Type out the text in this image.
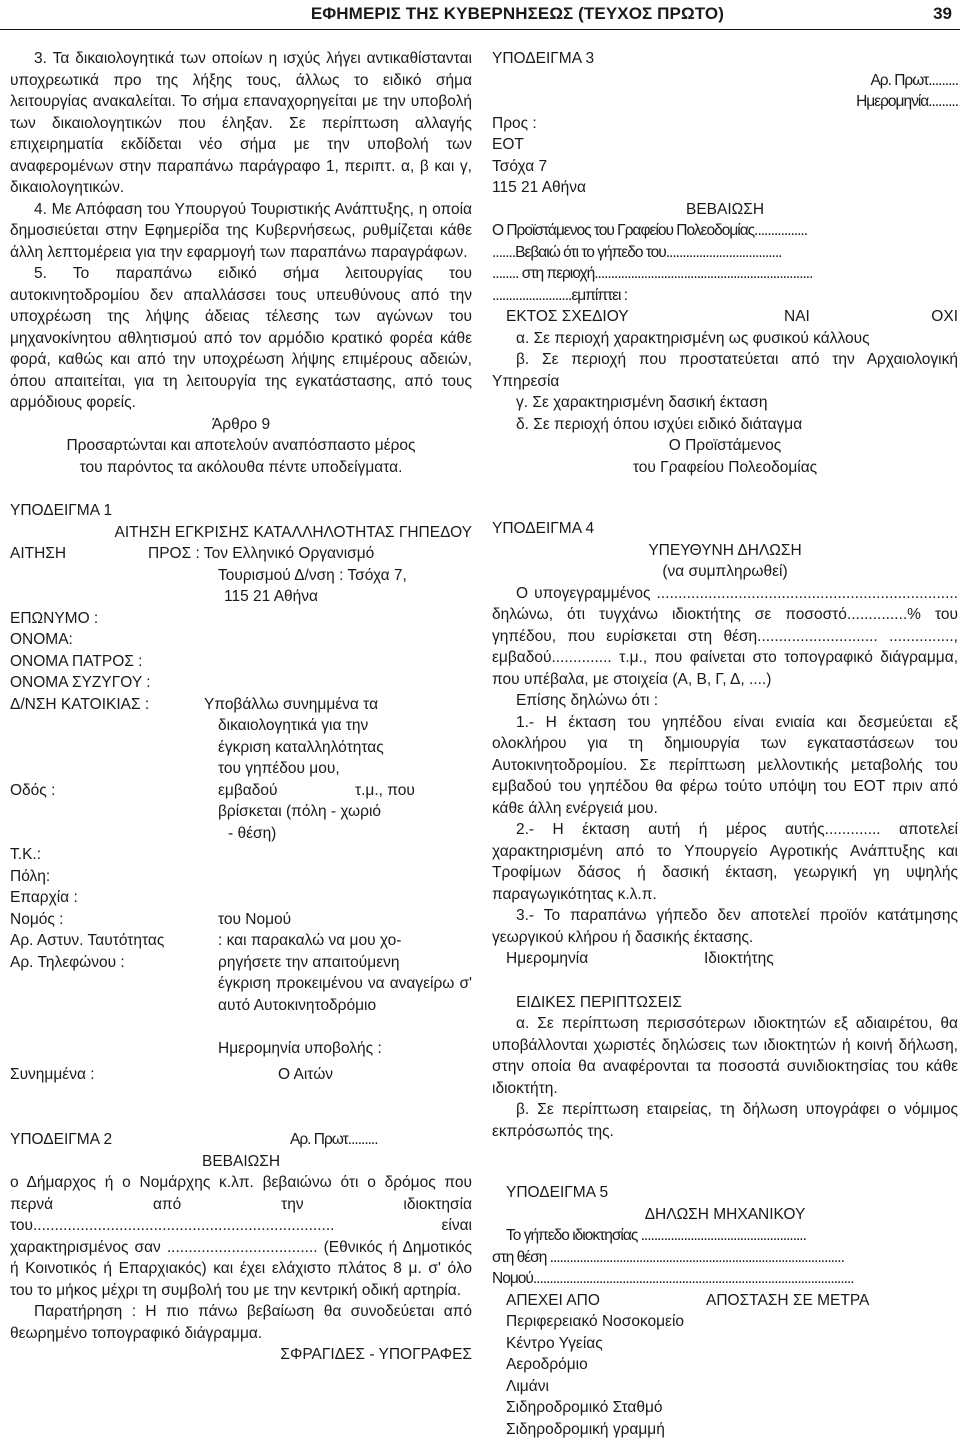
ΕΦΗΜΕΡΙΣ ΤΗΣ ΚΥΒΕΡΝΗΣΕΩΣ (ΤΕΥΧΟΣ ΠΡΩΤΟ)	39

3. Τα δικαιολογητικά των οποίων η ισχύς λήγει αντικαθίστανται υποχρεωτικά προ της λήξης τους, άλλως το ειδικό σήμα λειτουργίας ανακαλείται. Το σήμα επαναχορηγείται με την υποβολή των δικαιολογητικών που έληξαν. Σε περίπτωση αλλαγής επιχειρηματία εκδίδεται νέο σήμα με την υποβολή των αναφερομένων στην παραπάνω παράγραφο 1, περιπτ. α, β και γ, δικαιολογητικών.

4. Με Απόφαση του Υπουργού Τουριστικής Ανάπτυξης, η οποία δημοσιεύεται στην Εφημερίδα της Κυβερνήσεως, ρυθμίζεται κάθε άλλη λεπτομέρεια για την εφαρμογή των παραπάνω παραγράφων.

5. Το παραπάνω ειδικό σήμα λειτουργίας του αυτοκινητοδρομίου δεν απαλλάσσει τους υπευθύνους από την υποχρέωση της λήψης άδειας τέλεσης των αγώνων του μηχανοκίνητου αθλητισμού από τον αρμόδιο κρατικό φορέα κάθε φορά, καθώς και από την υποχρέωση λήψης επιμέρους αδειών, όπου απαιτείται, για τη λειτουργία της εγκατάστασης, από τους αρμόδιους φορείς.

Άρθρο 9

Προσαρτώνται και αποτελούν αναπόσπαστο μέρος

του παρόντος τα ακόλουθα πέντε υποδείγματα.

ΥΠΟΔΕΙΓΜΑ 1

ΑΙΤΗΣΗ ΕΓΚΡΙΣΗΣ ΚΑΤΑΛΛΗΛΟΤΗΤΑΣ ΓΗΠΕΔΟΥ

ΑΙΤΗΣΗ	ΠΡΟΣ : Τον Ελληνικό Οργανισμό
Τουρισμού Δ/νση : Τσόχα 7,
115 21 Αθήνα
ΕΠΩΝΥΜΟ :
ΟΝΟΜΑ:
ΟΝΟΜΑ ΠΑΤΡΟΣ :
ΟΝΟΜΑ ΣΥΖΥΓΟΥ :
Δ/ΝΣΗ ΚΑΤΟΙΚΙΑΣ :	Υποβάλλω συνημμένα τα
δικαιολογητικά για την
έγκριση καταλληλότητας
του γηπέδου μου,
Οδός :	εμβαδού	τ.μ., που
βρίσκεται (πόλη - χωριό
- θέση)
Τ.Κ.:
Πόλη:
Επαρχία :
Νομός :	του Νομού
Αρ. Αστυν. Ταυτότητας	: και παρακαλώ να μου χο-
Αρ. Τηλεφώνου :	ρηγήσετε την απαιτούμενη

έγκριση προκειμένου να αναγείρω σ' αυτό Αυτοκινητοδρόμιο

Ημερομηνία υποβολής :
Συνημμένα :	Ο Αιτών
ΥΠΟΔΕΙΓΜΑ 2	Αρ. Πρωτ.........

ΒΕΒΑΙΩΣΗ

ο Δήμαρχος ή ο Νομάρχης κ.λπ. βεβαιώνω ότι ο δρόμος που περνά από την ιδιοκτησία του...................................................................... είναι χαρακτηρισμένος σαν ................................... (Εθνικός ή Δημοτικός ή Κοινοτικός ή Επαρχιακός) και έχει ελάχιστο πλάτος 8 μ. σ' όλο του το μήκος μέχρι τη συμβολή του με την κεντρική οδική αρτηρία.

Παρατήρηση : Η πιο πάνω βεβαίωση θα συνοδεύεται από θεωρημένο τοπογραφικό διάγραμμα.

ΣΦΡΑΓΙΔΕΣ - ΥΠΟΓΡΑΦΕΣ

ΥΠΟΔΕΙΓΜΑ 3

Αρ. Πρωτ.........

Ημερομηνία.........

Προς :

ΕΟΤ

Τσόχα 7

115 21 Αθήνα

ΒΕΒΑΙΩΣΗ

Ο Προϊστάμενος του Γραφείου Πολεοδομίας................

.......Βεβαιώ ότι το γήπεδο του...................................

........ στη περιοχή..................................................................

........................εμπίπτει :

ΕΚΤΟΣ ΣΧΕΔΙΟΥ	ΝΑΙ	ΟΧΙ

α. Σε περιοχή χαρακτηρισμένη ως φυσικού κάλλους

β. Σε περιοχή που προστατεύεται από την Αρχαιολογική Υπηρεσία

γ. Σε χαρακτηρισμένη δασική έκταση

δ. Σε περιοχή όπου ισχύει ειδικό διάταγμα

Ο Προϊστάμενος

του Γραφείου Πολεοδομίας

ΥΠΟΔΕΙΓΜΑ 4

ΥΠΕΥΘΥΝΗ ΔΗΛΩΣΗ

(να συμπληρωθεί)

Ο υπογεγραμμένος ...................................................................... δηλώνω, ότι τυγχάνω ιδιοκτήτης σε ποσοστό..............% του γηπέδου, που ευρίσκεται στη θέση............................ ..............., εμβαδού.............. τ.μ., που φαίνεται στο τοπογραφικό διάγραμμα, που υπέβαλα, με στοιχεία (Α, Β, Γ, Δ, ....)

Επίσης δηλώνω ότι :

1.- Η έκταση του γηπέδου είναι ενιαία και δεσμεύεται εξ ολοκλήρου για τη δημιουργία των εγκαταστάσεων του Αυτοκινητοδρομίου. Σε περίπτωση μελλοντικής μεταβολής του εμβαδού του γηπέδου θα φέρω τούτο υπόψη του ΕΟΤ πριν από κάθε άλλη ενέργειά μου.

2.- Η έκταση αυτή ή μέρος αυτής............. αποτελεί χαρακτηρισμένη από το Υπουργείο Αγροτικής Ανάπτυξης και Τροφίμων δάσος ή δασική έκταση, γεωργική γη υψηλής παραγωγικότητας κ.λ.π.

3.- Το παραπάνω γήπεδο δεν αποτελεί προϊόν κατάτμησης γεωργικού κλήρου ή δασικής έκτασης.

Ημερομηνία	Ιδιοκτήτης

ΕΙΔΙΚΕΣ ΠΕΡΙΠΤΩΣΕΙΣ

α. Σε περίπτωση περισσότερων ιδιοκτητών εξ αδιαιρέτου, θα υποβάλλονται χωριστές δηλώσεις των ιδιοκτητών ή κοινή δήλωση, στην οποία θα αναφέρονται τα ποσοστά συνιδιοκτησίας του κάθε ιδιοκτήτη.

β. Σε περίπτωση εταιρείας, τη δήλωση υπογράφει ο νόμιμος εκπρόσωπός της.

ΥΠΟΔΕΙΓΜΑ 5

ΔΗΛΩΣΗ ΜΗΧΑΝΙΚΟΥ

Το γήπεδο ιδιοκτησίας ..................................................

στη θέση .........................................................................................

Νομού.................................................................................................

ΑΠΕΧΕΙ ΑΠΟ	ΑΠΟΣΤΑΣΗ ΣΕ ΜΕΤΡΑ

Περιφερειακό Νοσοκομείο

Κέντρο Υγείας

Αεροδρόμιο

Λιμάνι

Σιδηροδρομικό Σταθμό

Σιδηροδρομική γραμμή
